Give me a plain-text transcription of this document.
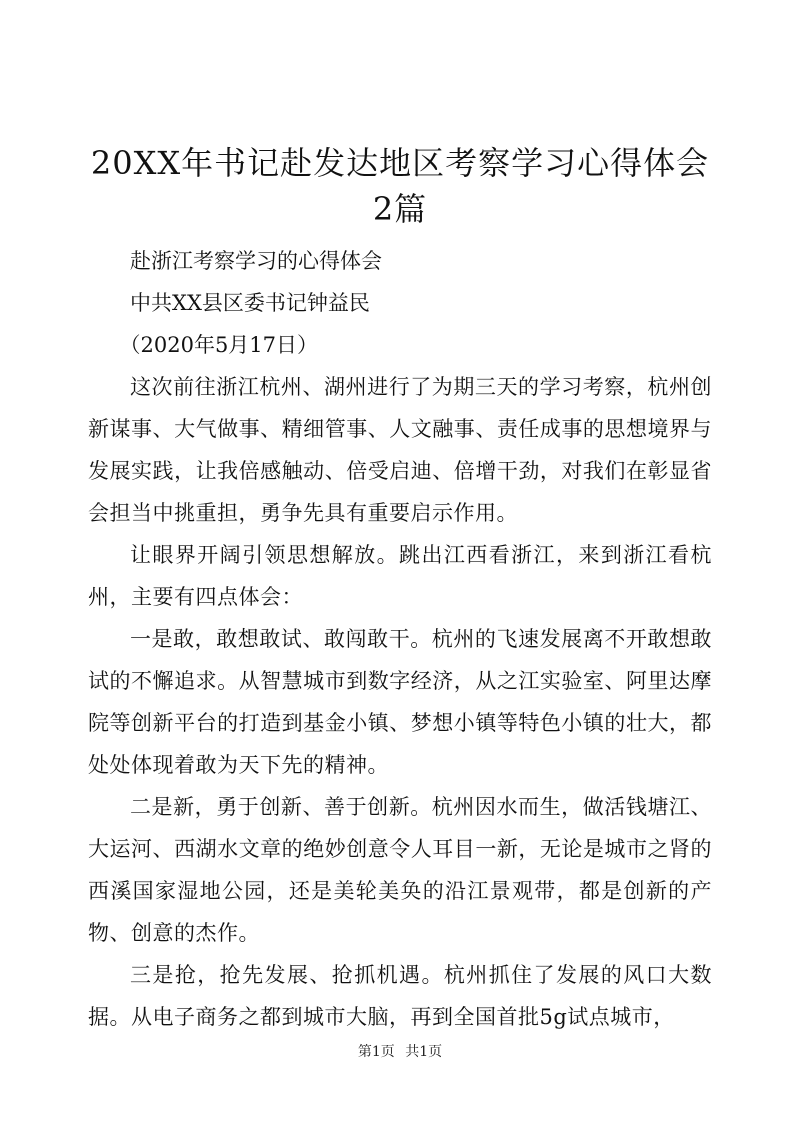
20XX年书记赴发达地区考察学习心得体会2篇

赴浙江考察学习的心得体会

中共XX县区委书记钟益民

（2020年5月17日）

这次前往浙江杭州、湖州进行了为期三天的学习考察，杭州创新谋事、大气做事、精细管事、人文融事、责任成事的思想境界与发展实践，让我倍感触动、倍受启迪、倍增干劲，对我们在彰显省会担当中挑重担，勇争先具有重要启示作用。

让眼界开阔引领思想解放。跳出江西看浙江，来到浙江看杭州，主要有四点体会：

一是敢，敢想敢试、敢闯敢干。杭州的飞速发展离不开敢想敢试的不懈追求。从智慧城市到数字经济，从之江实验室、阿里达摩院等创新平台的打造到基金小镇、梦想小镇等特色小镇的壮大，都处处体现着敢为天下先的精神。

二是新，勇于创新、善于创新。杭州因水而生，做活钱塘江、大运河、西湖水文章的绝妙创意令人耳目一新，无论是城市之肾的西溪国家湿地公园，还是美轮美奂的沿江景观带，都是创新的产物、创意的杰作。

三是抢，抢先发展、抢抓机遇。杭州抓住了发展的风口大数据。从电子商务之都到城市大脑，再到全国首批5g试点城市，

第1页 共1页
